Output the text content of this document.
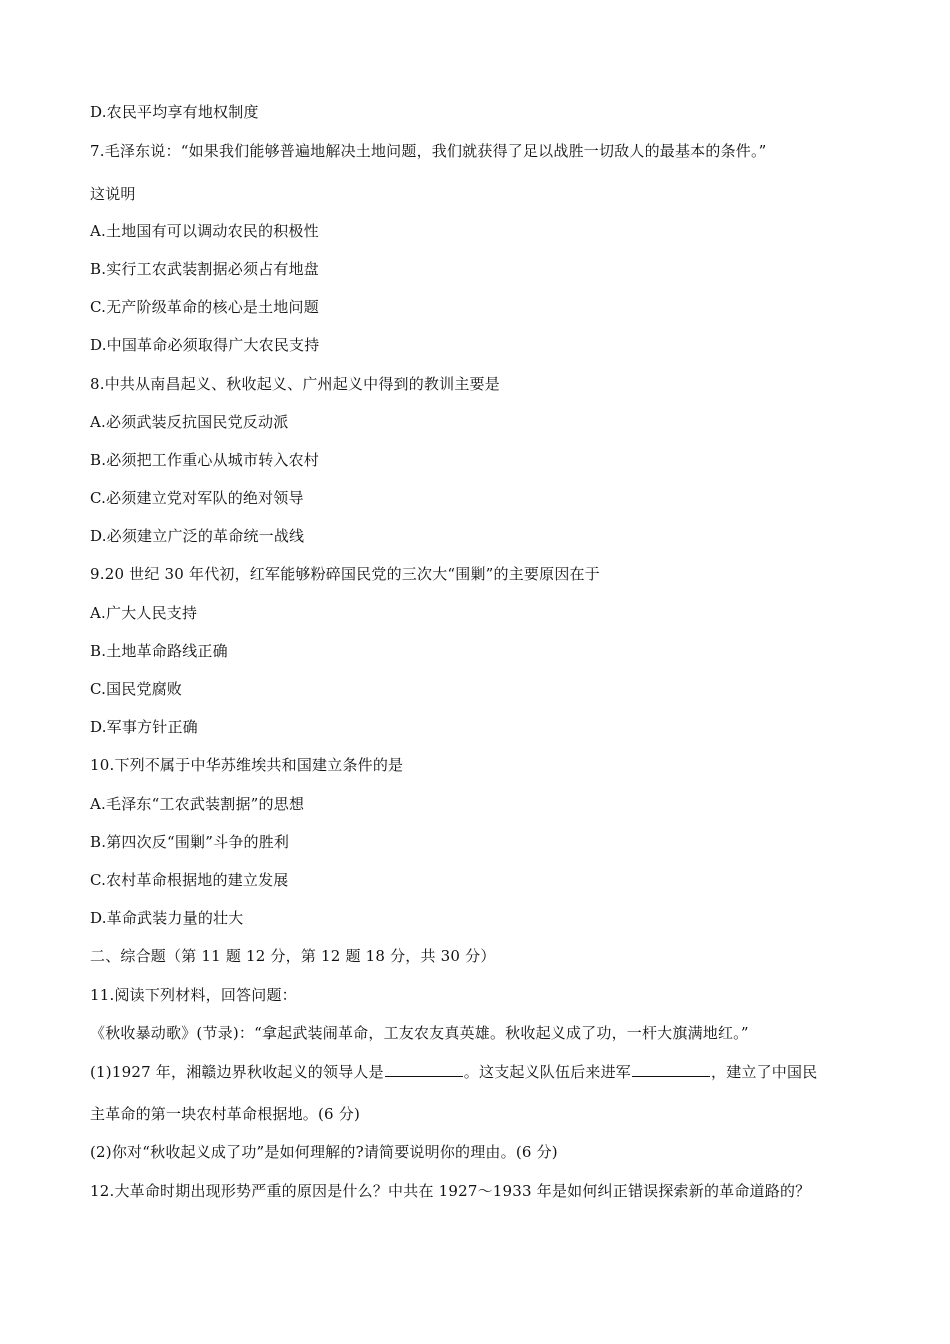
D.农民平均享有地权制度
7.毛泽东说：“如果我们能够普遍地解决土地问题，我们就获得了足以战胜一切敌人的最基本的条件。”
这说明
A.土地国有可以调动农民的积极性
B.实行工农武装割据必须占有地盘
C.无产阶级革命的核心是土地问题
D.中国革命必须取得广大农民支持
8.中共从南昌起义、秋收起义、广州起义中得到的教训主要是
A.必须武装反抗国民党反动派
B.必须把工作重心从城市转入农村
C.必须建立党对军队的绝对领导
D.必须建立广泛的革命统一战线
9.20 世纪 30 年代初，红军能够粉碎国民党的三次大“围剿”的主要原因在于
A.广大人民支持
B.土地革命路线正确
C.国民党腐败
D.军事方针正确
10.下列不属于中华苏维埃共和国建立条件的是
A.毛泽东“工农武装割据”的思想
B.第四次反“围剿”斗争的胜利
C.农村革命根据地的建立发展
D.革命武装力量的壮大
二、综合题（第 11 题 12 分，第 12 题 18 分，共 30 分）
11.阅读下列材料，回答问题：
《秋收暴动歌》(节录)：“拿起武装闹革命，工友农友真英雄。秋收起义成了功，一杆大旗满地红。”
(1)1927 年，湘赣边界秋收起义的领导人是	。这支起义队伍后来进军	，建立了中国民
主革命的第一块农村革命根据地。(6 分)
(2)你对“秋收起义成了功”是如何理解的?请简要说明你的理由。(6 分)
12.大革命时期出现形势严重的原因是什么？中共在 1927～1933 年是如何纠正错误探索新的革命道路的？
